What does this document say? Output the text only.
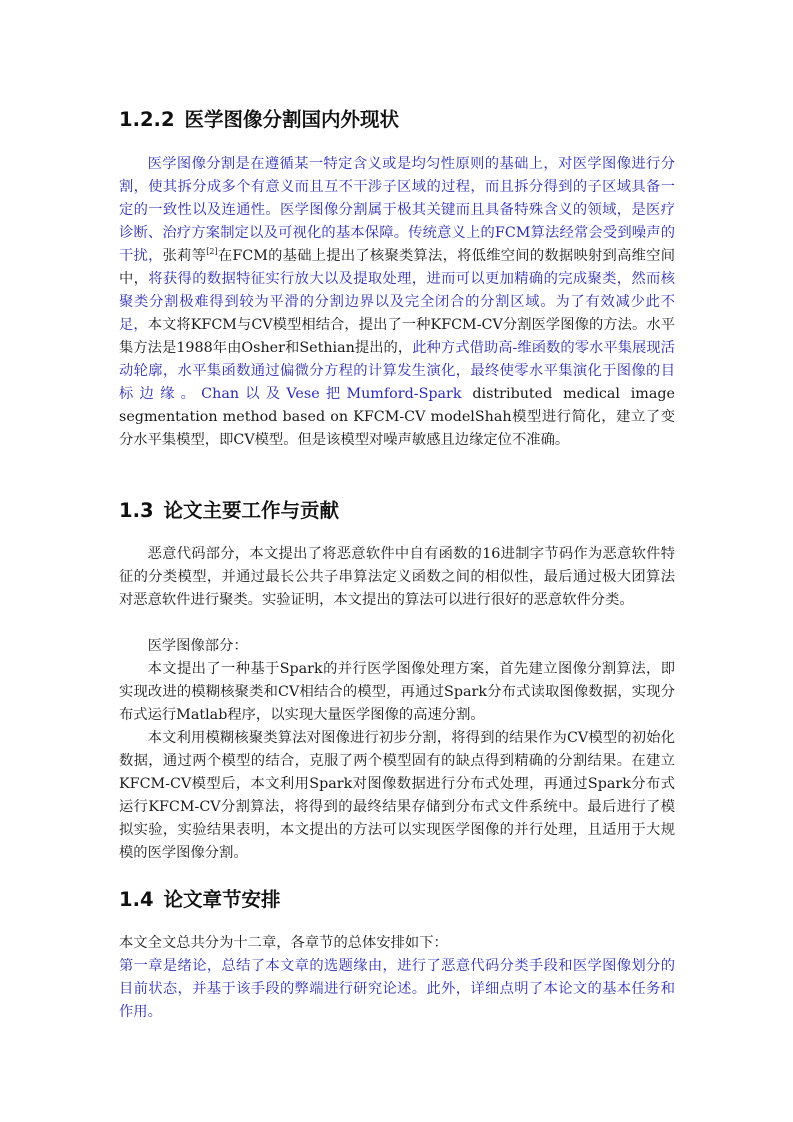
1.2.2 医学图像分割国内外现状

医学图像分割是在遵循某一特定含义或是均匀性原则的基础上，对医学图像进行分割，使其拆分成多个有意义而且互不干涉子区域的过程，而且拆分得到的子区域具备一定的一致性以及连通性。医学图像分割属于极其关键而且具备特殊含义的领域，是医疗诊断、治疗方案制定以及可视化的基本保障。传统意义上的FCM算法经常会受到噪声的干扰，张莉等[2]在FCM的基础上提出了核聚类算法，将低维空间的数据映射到高维空间中，将获得的数据特征实行放大以及提取处理，进而可以更加精确的完成聚类，然而核聚类分割极难得到较为平滑的分割边界以及完全闭合的分割区域。为了有效减少此不足，本文将KFCM与CV模型相结合，提出了一种KFCM-CV分割医学图像的方法。水平集方法是1988年由Osher和Sethian提出的，此种方式借助高-维函数的零水平集展现活动轮廓，水平集函数通过偏微分方程的计算发生演化，最终使零水平集演化于图像的目标边缘。Chan以及Vese把Mumford-Spark distributed medical image segmentation method based on KFCM-CV modelShah模型进行简化，建立了变分水平集模型，即CV模型。但是该模型对噪声敏感且边缘定位不准确。

1.3 论文主要工作与贡献

恶意代码部分，本文提出了将恶意软件中自有函数的16进制字节码作为恶意软件特征的分类模型，并通过最长公共子串算法定义函数之间的相似性，最后通过极大团算法对恶意软件进行聚类。实验证明，本文提出的算法可以进行很好的恶意软件分类。

医学图像部分：

本文提出了一种基于Spark的并行医学图像处理方案，首先建立图像分割算法，即实现改进的模糊核聚类和CV相结合的模型，再通过Spark分布式读取图像数据，实现分布式运行Matlab程序，以实现大量医学图像的高速分割。

本文利用模糊核聚类算法对图像进行初步分割，将得到的结果作为CV模型的初始化数据，通过两个模型的结合，克服了两个模型固有的缺点得到精确的分割结果。在建立KFCM-CV模型后，本文利用Spark对图像数据进行分布式处理，再通过Spark分布式运行KFCM-CV分割算法，将得到的最终结果存储到分布式文件系统中。最后进行了模拟实验，实验结果表明，本文提出的方法可以实现医学图像的并行处理，且适用于大规模的医学图像分割。

1.4 论文章节安排

本文全文总共分为十二章，各章节的总体安排如下：

第一章是绪论，总结了本文章的选题缘由，进行了恶意代码分类手段和医学图像划分的目前状态，并基于该手段的弊端进行研究论述。此外，详细点明了本论文的基本任务和作用。
